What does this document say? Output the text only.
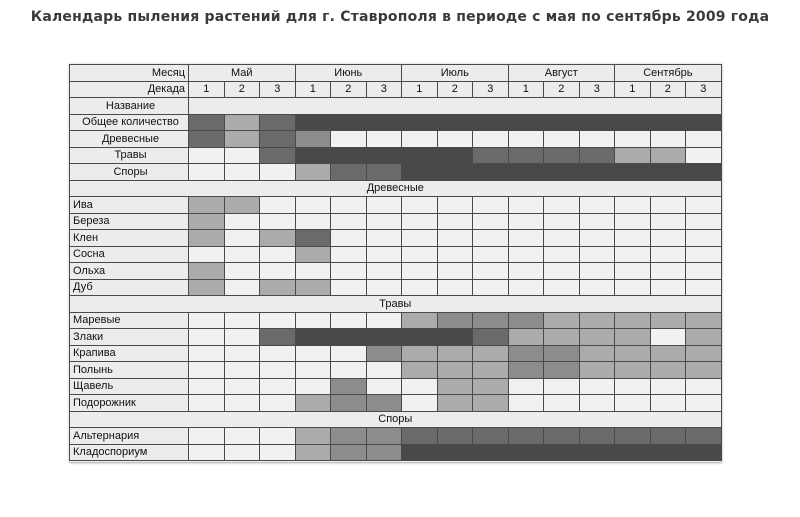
Календарь пыления растений для г. Ставрополя в периоде с мая по сентябрь 2009 года
Месяц	Май			Июнь			Июль			Август			Сентябрь		
Декада	1	2	3	1	2	3	1	2	3	1	2	3	1	2	3
Название															
Общее количество															
Древесные															
Травы															
Споры															
Древесные															
Ива															
Береза															
Клен															
Сосна															
Ольха															
Дуб															
Травы															
Маревые															
Злаки															
Крапива															
Полынь															
Щавель															
Подорожник															
Споры															
Альтернария															
Кладоспориум															
